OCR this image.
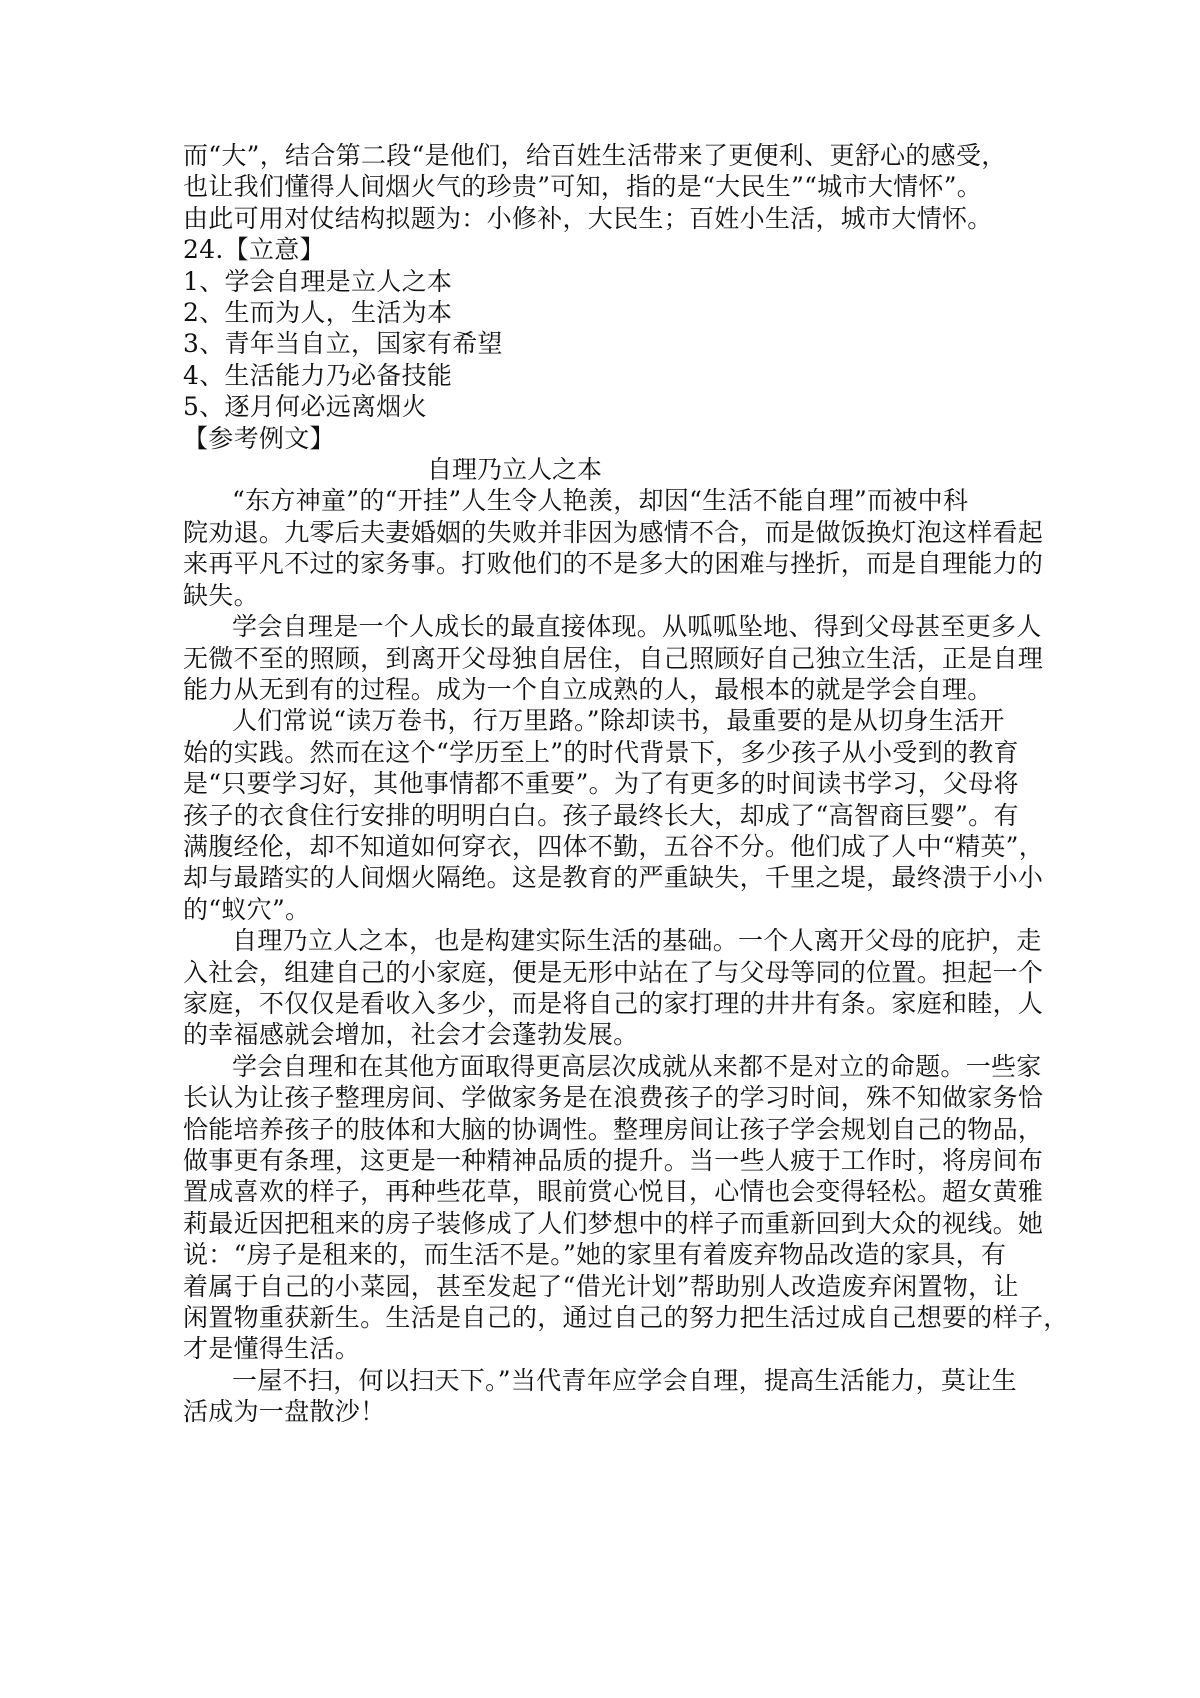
而“大”，结合第二段“是他们，给百姓生活带来了更便利、更舒心的感受，
也让我们懂得人间烟火气的珍贵”可知，指的是“大民生”“城市大情怀”。
由此可用对仗结构拟题为：小修补，大民生；百姓小生活，城市大情怀。
24.【立意】
1、学会自理是立人之本
2、生而为人，生活为本
3、青年当自立，国家有希望
4、生活能力乃必备技能
5、逐月何必远离烟火
【参考例文】
自理乃立人之本
“东方神童”的“开挂”人生令人艳羡，却因“生活不能自理”而被中科
院劝退。九零后夫妻婚姻的失败并非因为感情不合，而是做饭换灯泡这样看起
来再平凡不过的家务事。打败他们的不是多大的困难与挫折，而是自理能力的
缺失。
学会自理是一个人成长的最直接体现。从呱呱坠地、得到父母甚至更多人
无微不至的照顾，到离开父母独自居住，自己照顾好自己独立生活，正是自理
能力从无到有的过程。成为一个自立成熟的人，最根本的就是学会自理。
人们常说“读万卷书，行万里路。”除却读书，最重要的是从切身生活开
始的实践。然而在这个“学历至上”的时代背景下，多少孩子从小受到的教育
是“只要学习好，其他事情都不重要”。为了有更多的时间读书学习，父母将
孩子的衣食住行安排的明明白白。孩子最终长大，却成了“高智商巨婴”。有
满腹经伦，却不知道如何穿衣，四体不勤，五谷不分。他们成了人中“精英”，
却与最踏实的人间烟火隔绝。这是教育的严重缺失，千里之堤，最终溃于小小
的“蚁穴”。
自理乃立人之本，也是构建实际生活的基础。一个人离开父母的庇护，走
入社会，组建自己的小家庭，便是无形中站在了与父母等同的位置。担起一个
家庭，不仅仅是看收入多少，而是将自己的家打理的井井有条。家庭和睦，人
的幸福感就会增加，社会才会蓬勃发展。
学会自理和在其他方面取得更高层次成就从来都不是对立的命题。一些家
长认为让孩子整理房间、学做家务是在浪费孩子的学习时间，殊不知做家务恰
恰能培养孩子的肢体和大脑的协调性。整理房间让孩子学会规划自己的物品，
做事更有条理，这更是一种精神品质的提升。当一些人疲于工作时，将房间布
置成喜欢的样子，再种些花草，眼前赏心悦目，心情也会变得轻松。超女黄雅
莉最近因把租来的房子装修成了人们梦想中的样子而重新回到大众的视线。她
说：“房子是租来的，而生活不是。”她的家里有着废弃物品改造的家具，有
着属于自己的小菜园，甚至发起了“借光计划”帮助别人改造废弃闲置物，让
闲置物重获新生。生活是自己的，通过自己的努力把生活过成自己想要的样子，
才是懂得生活。
一屋不扫，何以扫天下。”当代青年应学会自理，提高生活能力，莫让生
活成为一盘散沙！
